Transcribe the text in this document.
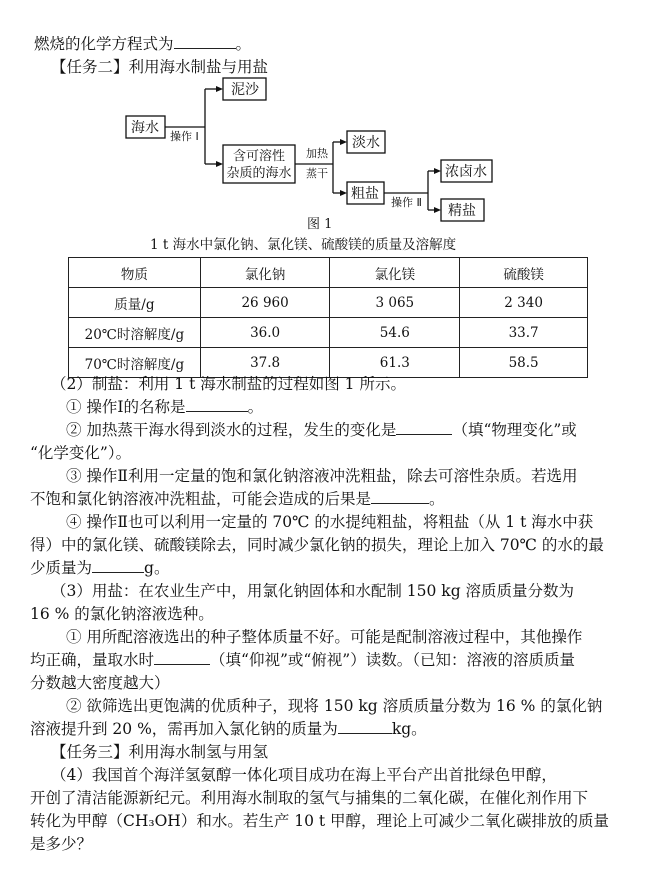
燃烧的化学方程式为	。
【任务二】利用海水制盐与用盐
海水
泥沙
含可溶性
杂质的海水
淡水
粗盐
浓卤水
精盐
操作 I
加热
蒸干
操作 Ⅱ
图 1
1 t 海水中氯化钠、氯化镁、硫酸镁的质量及溶解度
物质	氯化钠	氯化镁	硫酸镁
质量/g	26 960	3 065	2 340
20℃时溶解度/g	36.0	54.6	33.7
70℃时溶解度/g	37.8	61.3	58.5
（2）制盐：利用 1 t 海水制盐的过程如图 1 所示。
① 操作Ⅰ的名称是	。
② 加热蒸干海水得到淡水的过程，发生的变化是	（填“物理变化”或
“化学变化”）。
③ 操作Ⅱ利用一定量的饱和氯化钠溶液冲洗粗盐，除去可溶性杂质。若选用
不饱和氯化钠溶液冲洗粗盐，可能会造成的后果是	。
④ 操作Ⅱ也可以利用一定量的 70℃ 的水提纯粗盐，将粗盐（从 1 t 海水中获
得）中的氯化镁、硫酸镁除去，同时减少氯化钠的损失，理论上加入 70℃ 的水的最
少质量为	g。
（3）用盐：在农业生产中，用氯化钠固体和水配制 150 kg 溶质质量分数为
16 % 的氯化钠溶液选种。
① 用所配溶液选出的种子整体质量不好。可能是配制溶液过程中，其他操作
均正确，量取水时	（填“仰视”或“俯视”）读数。（已知：溶液的溶质质量
分数越大密度越大）
② 欲筛选出更饱满的优质种子，现将 150 kg 溶质质量分数为 16 % 的氯化钠
溶液提升到 20 %，需再加入氯化钠的质量为	kg。
【任务三】利用海水制氢与用氢
（4）我国首个海洋氢氨醇一体化项目成功在海上平台产出首批绿色甲醇，
开创了清洁能源新纪元。利用海水制取的氢气与捕集的二氧化碳，在催化剂作用下
转化为甲醇（CH₃OH）和水。若生产 10 t 甲醇，理论上可减少二氧化碳排放的质量
是多少？
